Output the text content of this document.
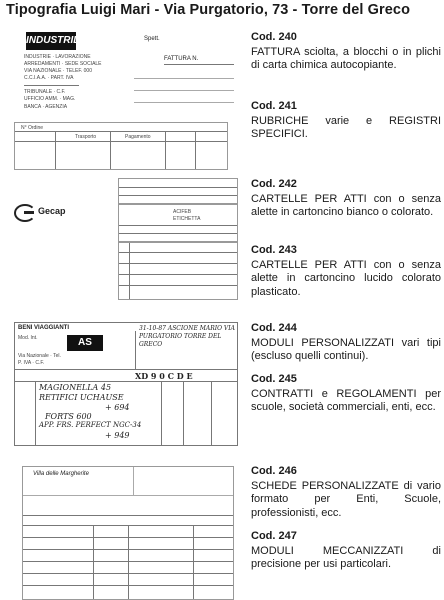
Tipografia Luigi Mari - Via Purgatorio, 73 - Torre del Greco
INDUSTRIDI
INDUSTRIE · LAVORAZIONE
ARREDAMENTI · SEDE SOCIALE
VIA NAZIONALE · TELEF. 000
C.C.I.A.A. · PART. IVA
TRIBUNALE · C.F.
UFFICIO AMM. · MAG.
BANCA · AGENZIA
Spett.
FATTURA N.
N° Ordine
Trasporto	Pagamento
Gecap	ACIFEB
ETICHETTA
BENI VIAGGIANTI
AS
Mod. Int.
Via Nazionale · Tel.
P. IVA · C.F.
31-10-87 ASCIONE MARIO VIA PURGATORIO TORRE DEL GRECO
XD 9 0 C D E
MAGIONELLA 45
RETIFICI UCHAUSE
+ 694
FORTS 600
APP. FRS. PERFECT NGC-34
+ 949
Villa delle Margherite
Cod. 240
FATTURA sciolta, a blocchi o in plichi di carta chimica autocopiante.
Cod. 241
RUBRICHE varie e REGISTRI SPECIFICI.
Cod. 242
CARTELLE PER ATTI con o senza alette in cartoncino bianco o colorato.
Cod. 243
CARTELLE PER ATTI con o senza alette in cartoncino lucido colorato plasticato.
Cod. 244
MODULI PERSONALIZZATI vari tipi (escluso quelli continui).
Cod. 245
CONTRATTI e REGOLAMENTI per scuole, società commerciali, enti, ecc.
Cod. 246
SCHEDE PERSONALIZZATE di vario formato per Enti, Scuole, professionisti, ecc.
Cod. 247
MODULI MECCANIZZATI di precisione per usi particolari.
